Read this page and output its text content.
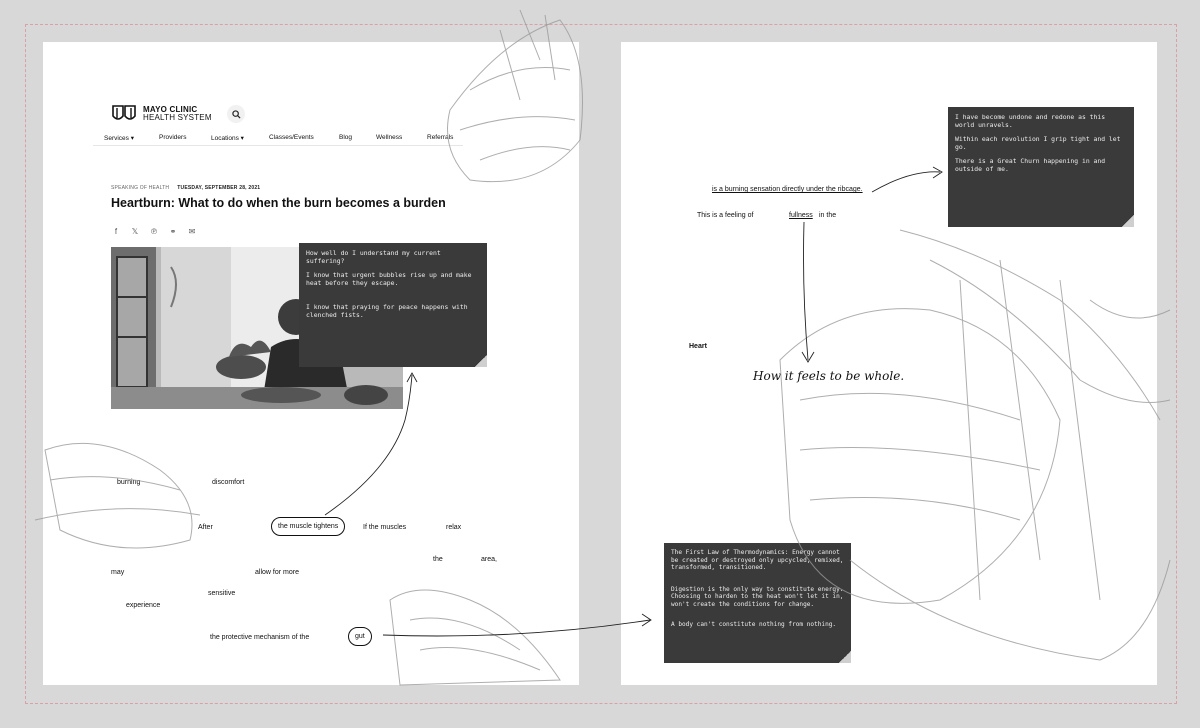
MAYO CLINIC
HEALTH SYSTEM
Services ▾	Providers	Locations ▾	Classes/Events	Blog	Wellness	Referrals
SPEAKING OF HEALTH TUESDAY, SEPTEMBER 28, 2021
Heartburn: What to do when the burn becomes a burden
f	𝕏 ℗ ⚭ ✉

How well do I understand my current suffering?

I know that urgent bubbles rise up and make heat before they escape.

I know that praying for peace happens with clenched fists.

burning	discomfort
After	the muscle tightens	If the muscles	relax
the	area,
may	allow for more
sensitive
experience
the protective mechanism of the	gut
is a burning sensation directly under the ribcage.
This is a feeling of	fullness in the
Heart
How it feels to be whole.

I have become undone and redone as this world unravels.

Within each revolution I grip tight and let go.

There is a Great Churn happening in and outside of me.

The First Law of Thermodynamics: Energy cannot be created or destroyed only upcycled, remixed, transformed, transitioned.

Digestion is the only way to constitute energy. Choosing to harden to the heat won't let it in, won't create the conditions for change.

A body can't constitute nothing from nothing.
